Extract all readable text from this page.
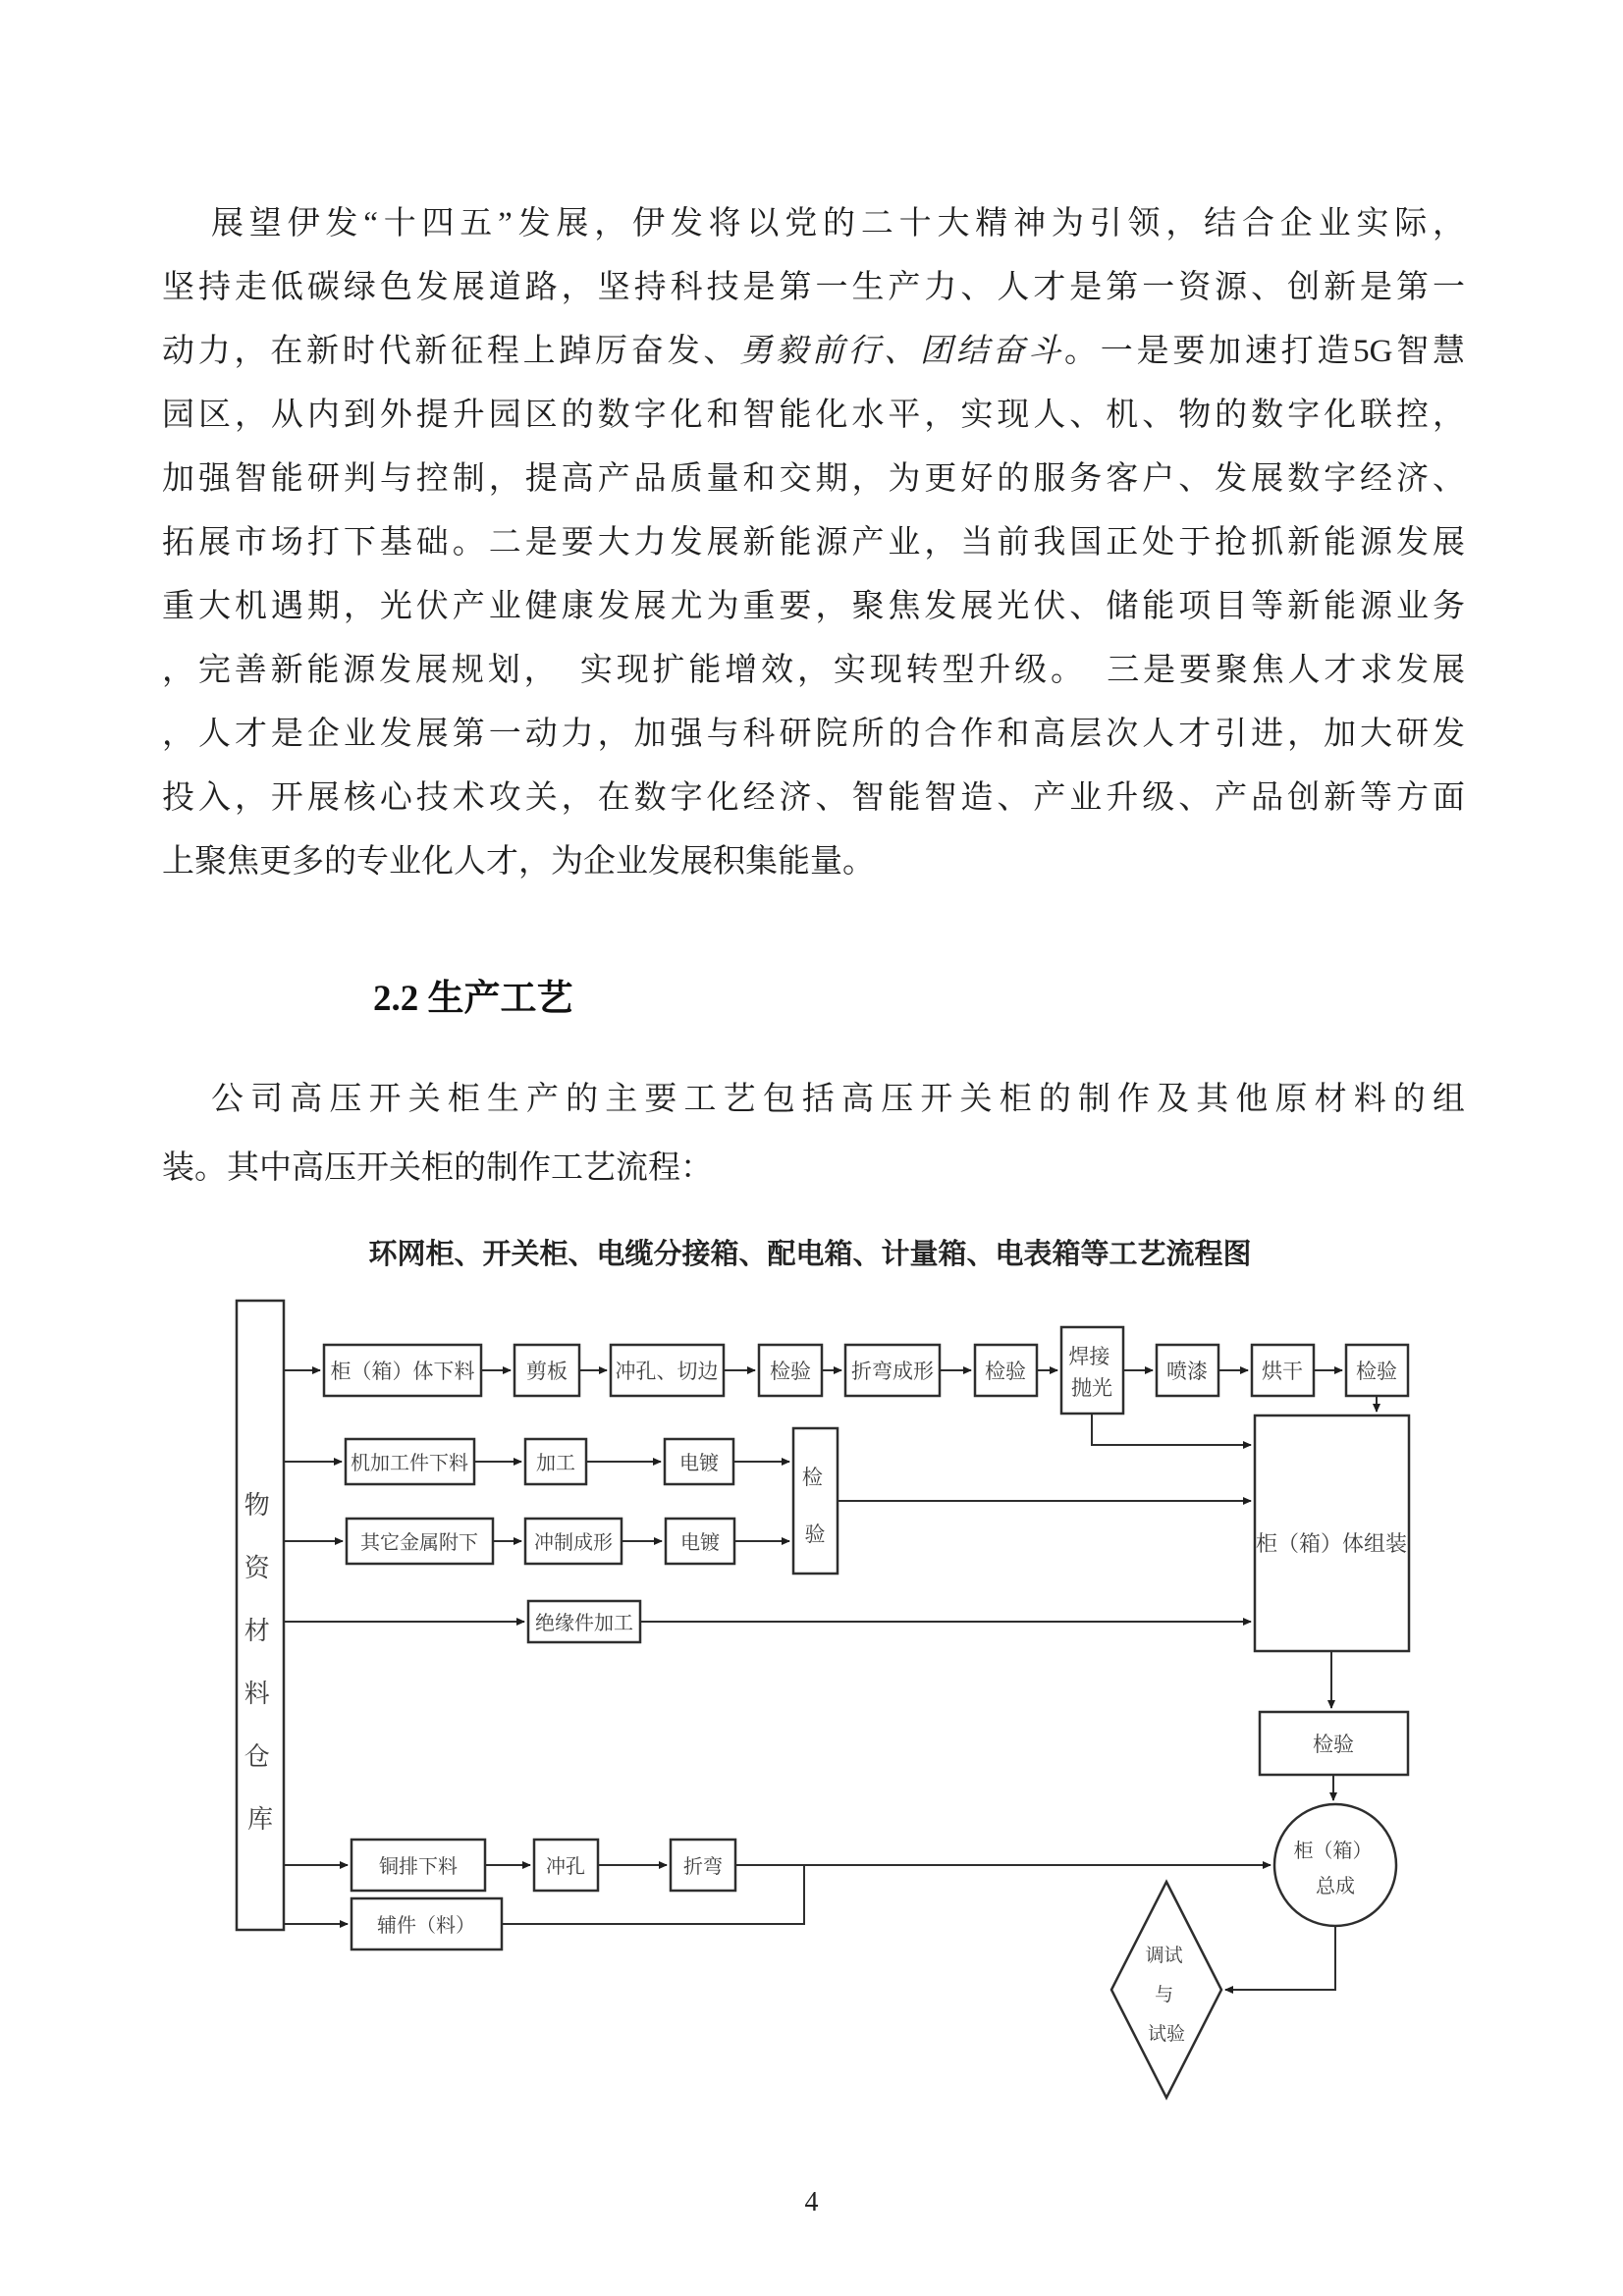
展望伊发“十四五”发展，伊发将以党的二十大精神为引领，结合企业实际，
坚持走低碳绿色发展道路，坚持科技是第一生产力、人才是第一资源、创新是第一
动力，在新时代新征程上踔厉奋发、勇毅前行、团结奋斗。一是要加速打造5G智慧
园区，从内到外提升园区的数字化和智能化水平，实现人、机、物的数字化联控，
加强智能研判与控制，提高产品质量和交期，为更好的服务客户、发展数字经济、
拓展市场打下基础。二是要大力发展新能源产业，当前我国正处于抢抓新能源发展
重大机遇期，光伏产业健康发展尤为重要，聚焦发展光伏、储能项目等新能源业务
，完善新能源发展规划，　实现扩能增效，实现转型升级。　三是要聚焦人才求发展
，人才是企业发展第一动力，加强与科研院所的合作和高层次人才引进，加大研发
投入，开展核心技术攻关，在数字化经济、智能智造、产业升级、产品创新等方面
上聚焦更多的专业化人才，为企业发展积集能量。
2.2 生产工艺
公司高压开关柜生产的主要工艺包括高压开关柜的制作及其他原材料的组
装。其中高压开关柜的制作工艺流程：
环网柜、开关柜、电缆分接箱、配电箱、计量箱、电表箱等工艺流程图
物 资 材 料 仓 库
柜（箱）体下料	剪板 冲孔、切边	检验 折弯成形 检验
焊接 抛光
喷漆	烘干	检验
机加工件下料	加工	电镀
其它金属附下	冲制成形	电镀
检 验
绝缘件加工
柜（箱）体组装
检验
铜排下料	冲孔	折弯
辅件（料）
柜（箱） 总成
调试 与 试验
4
